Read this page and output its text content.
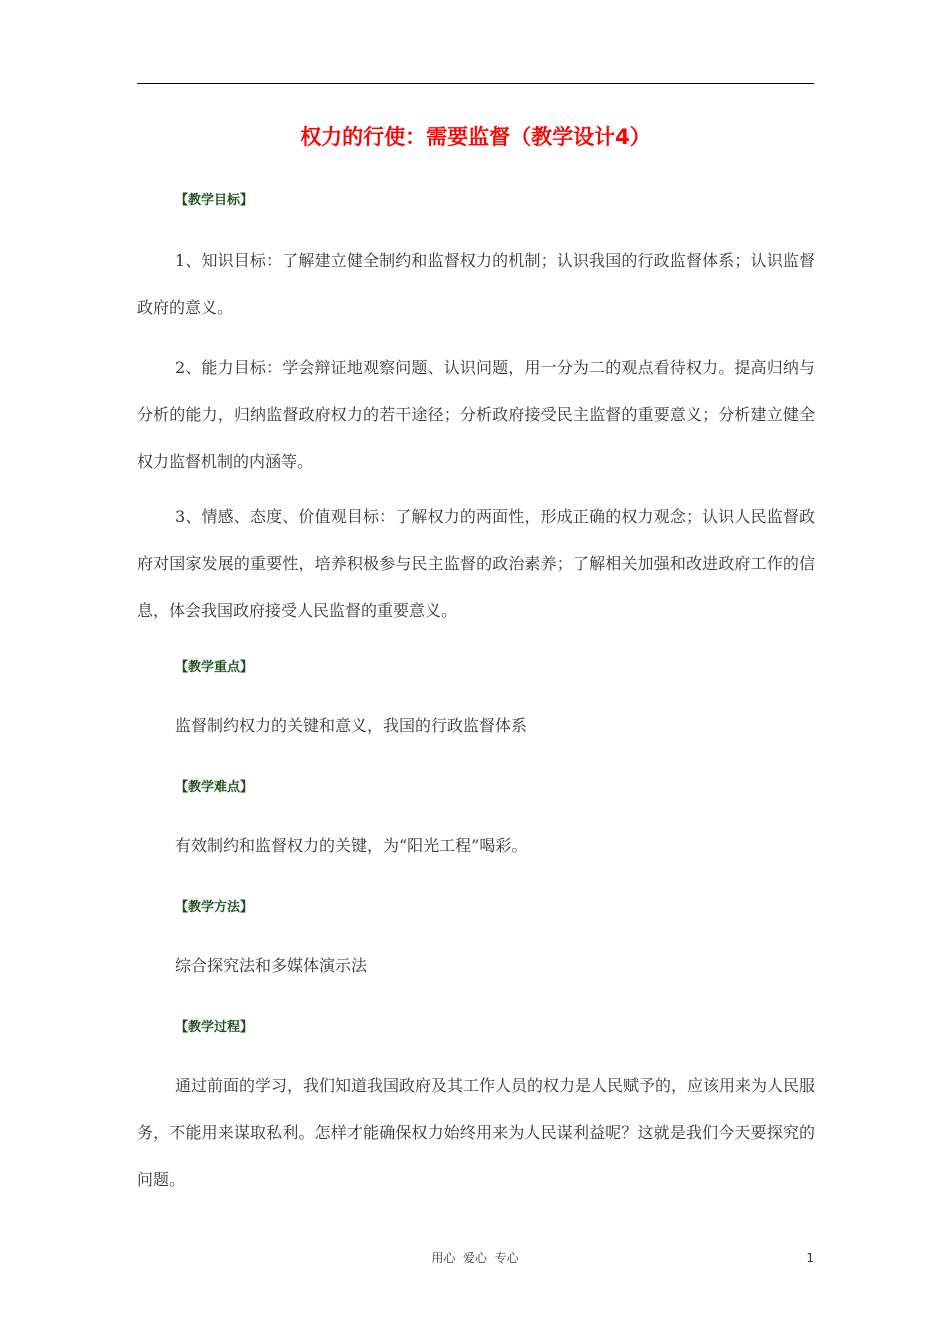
权力的行使：需要监督（教学设计4）
【教学目标】

1、知识目标：了解建立健全制约和监督权力的机制；认识我国的行政监督体系；认识监督政府的意义。

2、能力目标：学会辩证地观察问题、认识问题，用一分为二的观点看待权力。提高归纳与分析的能力，归纳监督政府权力的若干途径；分析政府接受民主监督的重要意义；分析建立健全权力监督机制的内涵等。

3、情感、态度、价值观目标：了解权力的两面性，形成正确的权力观念；认识人民监督政府对国家发展的重要性，培养积极参与民主监督的政治素养；了解相关加强和改进政府工作的信息，体会我国政府接受人民监督的重要意义。

【教学重点】
监督制约权力的关键和意义，我国的行政监督体系
【教学难点】
有效制约和监督权力的关键，为“阳光工程”喝彩。
【教学方法】
综合探究法和多媒体演示法
【教学过程】

通过前面的学习，我们知道我国政府及其工作人员的权力是人民赋予的，应该用来为人民服务，不能用来谋取私利。怎样才能确保权力始终用来为人民谋利益呢？这就是我们今天要探究的问题。

用心  爱心  专心	1
